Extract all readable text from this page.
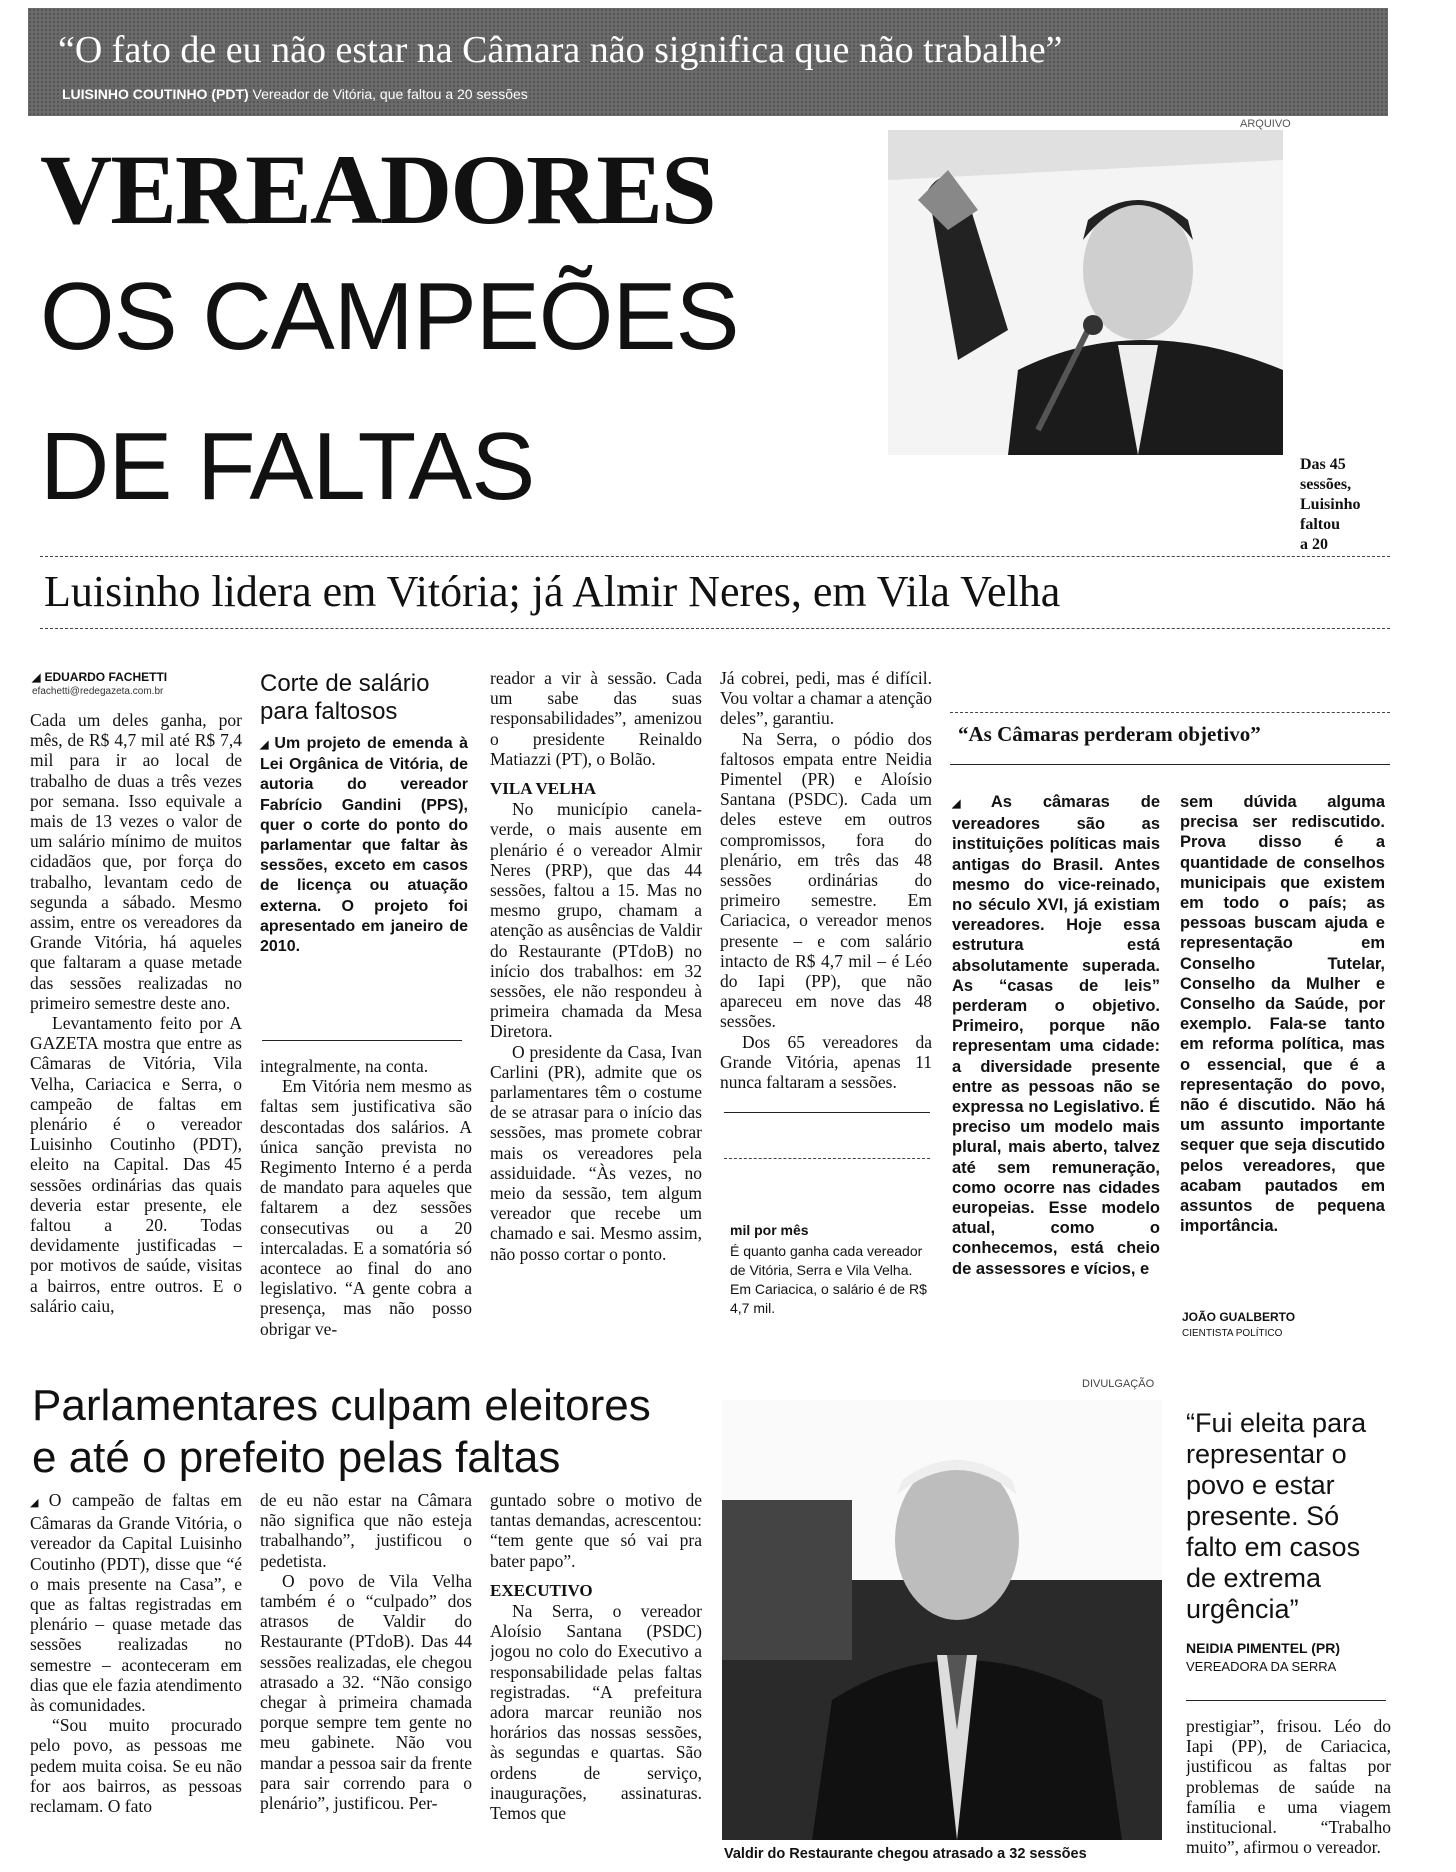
“O fato de eu não estar na Câmara não significa que não trabalhe”
LUISINHO COUTINHO (PDT) Vereador de Vitória, que faltou a 20 sessões
VEREADORES
OS CAMPEÕES
DE FALTAS
ARQUIVO
Das 45
sessões,
Luisinho
faltou
a 20
Luisinho lidera em Vitória; já Almir Neres, em Vila Velha
◢ EDUARDO FACHETTI
efachetti@redegazeta.com.br

Cada um deles ganha, por mês, de R$ 4,7 mil até R$ 7,4 mil para ir ao local de trabalho de duas a três vezes por semana. Isso equivale a mais de 13 vezes o valor de um salário mínimo de muitos cidadãos que, por força do trabalho, levantam cedo de segunda a sábado. Mesmo assim, entre os vereadores da Grande Vitória, há aqueles que faltaram a quase metade das sessões realizadas no primeiro semestre deste ano.

Levantamento feito por A GAZETA mostra que entre as Câmaras de Vitória, Vila Velha, Cariacica e Serra, o campeão de faltas em plenário é o vereador Luisinho Coutinho (PDT), eleito na Capital. Das 45 sessões ordinárias das quais deveria estar presente, ele faltou a 20. Todas devidamente justificadas – por motivos de saúde, visitas a bairros, entre outros. E o salário caiu,

Corte de salário para faltosos
◢ Um projeto de emenda à Lei Orgânica de Vitória, de autoria do vereador Fabrício Gandini (PPS), quer o corte do ponto do parlamentar que faltar às sessões, exceto em casos de licença ou atuação externa. O projeto foi apresentado em janeiro de 2010.

integralmente, na conta.

Em Vitória nem mesmo as faltas sem justificativa são descontadas dos salários. A única sanção prevista no Regimento Interno é a perda de mandato para aqueles que faltarem a dez sessões consecutivas ou a 20 intercaladas. E a somatória só acontece ao final do ano legislativo. “A gente cobra a presença, mas não posso obrigar ve-

reador a vir à sessão. Cada um sabe das suas responsabilidades”, amenizou o presidente Reinaldo Matiazzi (PT), o Bolão.

VILA VELHA

No município canela-verde, o mais ausente em plenário é o vereador Almir Neres (PRP), que das 44 sessões, faltou a 15. Mas no mesmo grupo, chamam a atenção as ausências de Valdir do Restaurante (PTdoB) no início dos trabalhos: em 32 sessões, ele não respondeu à primeira chamada da Mesa Diretora.

O presidente da Casa, Ivan Carlini (PR), admite que os parlamentares têm o costume de se atrasar para o início das sessões, mas promete cobrar mais os vereadores pela assiduidade. “Às vezes, no meio da sessão, tem algum vereador que recebe um chamado e sai. Mesmo assim, não posso cortar o ponto.

Já cobrei, pedi, mas é difícil. Vou voltar a chamar a atenção deles”, garantiu.

Na Serra, o pódio dos faltosos empata entre Neidia Pimentel (PR) e Aloísio Santana (PSDC). Cada um deles esteve em outros compromissos, fora do plenário, em três das 48 sessões ordinárias do primeiro semestre. Em Cariacica, o vereador menos presente – e com salário intacto de R$ 4,7 mil – é Léo do Iapi (PP), que não apareceu em nove das 48 sessões.

Dos 65 vereadores da Grande Vitória, apenas 11 nunca faltaram a sessões.

mil por mês
É quanto ganha cada vereador de Vitória, Serra e Vila Velha. Em Cariacica, o salário é de R$ 4,7 mil.
“As Câmaras perderam objetivo”

◢ As câmaras de vereadores são as instituições políticas mais antigas do Brasil. Antes mesmo do vice-reinado, no século XVI, já existiam vereadores. Hoje essa estrutura está absolutamente superada. As “casas de leis” perderam o objetivo. Primeiro, porque não representam uma cidade: a diversidade presente entre as pessoas não se expressa no Legislativo. É preciso um modelo mais plural, mais aberto, talvez até sem remuneração, como ocorre nas cidades europeias. Esse modelo atual, como o conhecemos, está cheio de assessores e vícios, e

sem dúvida alguma precisa ser rediscutido. Prova disso é a quantidade de conselhos municipais que existem em todo o país; as pessoas buscam ajuda e representação em Conselho Tutelar, Conselho da Mulher e Conselho da Saúde, por exemplo. Fala-se tanto em reforma política, mas o essencial, que é a representação do povo, não é discutido. Não há um assunto importante sequer que seja discutido pelos vereadores, que acabam pautados em assuntos de pequena importância.

JOÃO GUALBERTO
CIENTISTA POLÍTICO
DIVULGAÇÃO
Parlamentares culpam eleitores
e até o prefeito pelas faltas

◢ O campeão de faltas em Câmaras da Grande Vitória, o vereador da Capital Luisinho Coutinho (PDT), disse que “é o mais presente na Casa”, e que as faltas registradas em plenário – quase metade das sessões realizadas no semestre – aconteceram em dias que ele fazia atendimento às comunidades.

“Sou muito procurado pelo povo, as pessoas me pedem muita coisa. Se eu não for aos bairros, as pessoas reclamam. O fato

de eu não estar na Câmara não significa que não esteja trabalhando”, justificou o pedetista.

O povo de Vila Velha também é o “culpado” dos atrasos de Valdir do Restaurante (PTdoB). Das 44 sessões realizadas, ele chegou atrasado a 32. “Não consigo chegar à primeira chamada porque sempre tem gente no meu gabinete. Não vou mandar a pessoa sair da frente para sair correndo para o plenário”, justificou. Per-

guntado sobre o motivo de tantas demandas, acrescentou: “tem gente que só vai pra bater papo”.

EXECUTIVO

Na Serra, o vereador Aloísio Santana (PSDC) jogou no colo do Executivo a responsabilidade pelas faltas registradas. “A prefeitura adora marcar reunião nos horários das nossas sessões, às segundas e quartas. São ordens de serviço, inaugurações, assinaturas. Temos que

Valdir do Restaurante chegou atrasado a 32 sessões
“Fui eleita para representar o povo e estar presente. Só falto em casos de extrema urgência”
NEIDIA PIMENTEL (PR)
VEREADORA DA SERRA

prestigiar”, frisou. Léo do Iapi (PP), de Cariacica, justificou as faltas por problemas de saúde na família e uma viagem institucional. “Trabalho muito”, afirmou o vereador.
